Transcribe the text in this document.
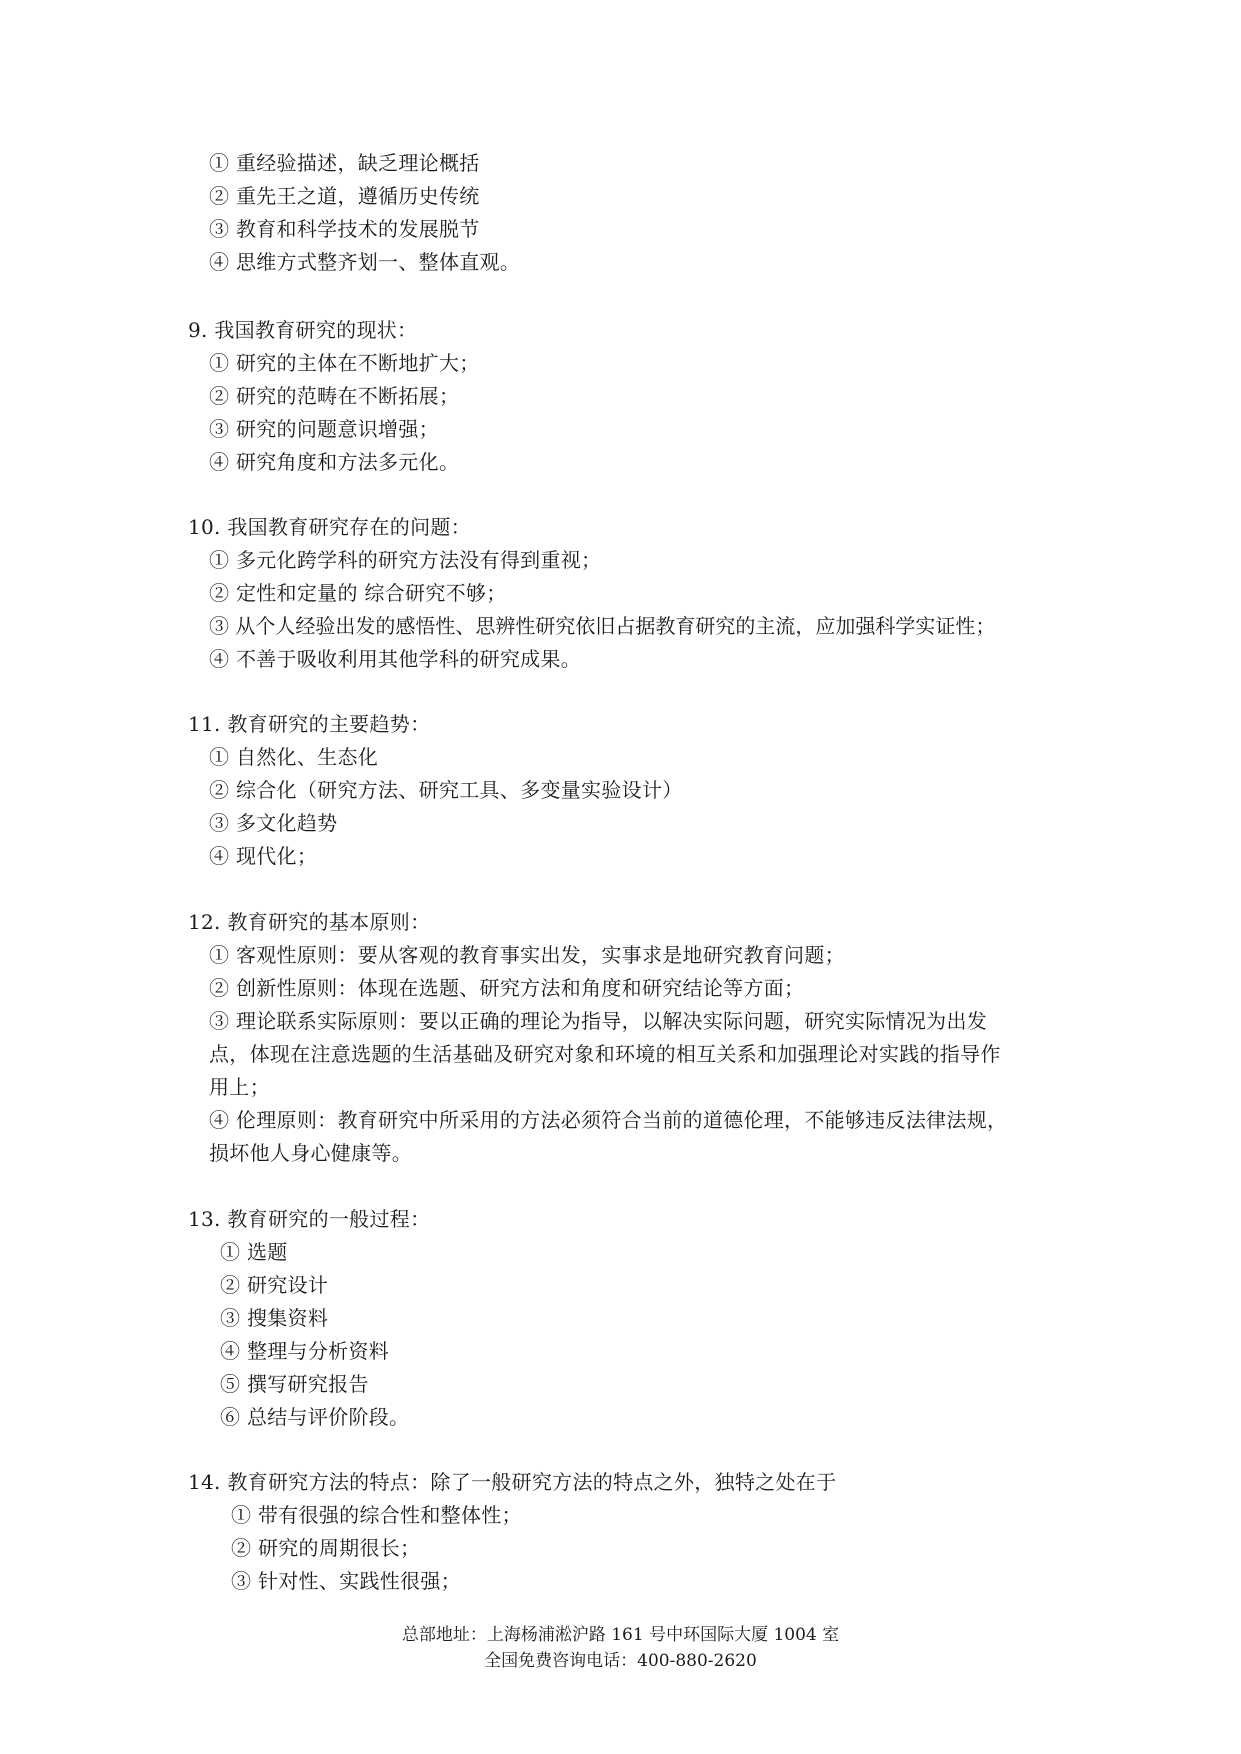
① 重经验描述，缺乏理论概括
② 重先王之道，遵循历史传统
③ 教育和科学技术的发展脱节
④ 思维方式整齐划一、整体直观。
9. 我国教育研究的现状：
① 研究的主体在不断地扩大；
② 研究的范畴在不断拓展；
③ 研究的问题意识增强；
④ 研究角度和方法多元化。
10. 我国教育研究存在的问题：
① 多元化跨学科的研究方法没有得到重视；
② 定性和定量的 综合研究不够；
③ 从个人经验出发的感悟性、思辨性研究依旧占据教育研究的主流，应加强科学实证性；
④ 不善于吸收利用其他学科的研究成果。
11. 教育研究的主要趋势：
① 自然化、生态化
② 综合化（研究方法、研究工具、多变量实验设计）
③ 多文化趋势
④ 现代化；
12. 教育研究的基本原则：
① 客观性原则：要从客观的教育事实出发，实事求是地研究教育问题；
② 创新性原则：体现在选题、研究方法和角度和研究结论等方面；
③ 理论联系实际原则：要以正确的理论为指导，以解决实际问题，研究实际情况为出发
点，体现在注意选题的生活基础及研究对象和环境的相互关系和加强理论对实践的指导作
用上；
④ 伦理原则：教育研究中所采用的方法必须符合当前的道德伦理，不能够违反法律法规，
损坏他人身心健康等。
13. 教育研究的一般过程：
① 选题
② 研究设计
③ 搜集资料
④ 整理与分析资料
⑤ 撰写研究报告
⑥ 总结与评价阶段。
14. 教育研究方法的特点：除了一般研究方法的特点之外，独特之处在于
① 带有很强的综合性和整体性；
② 研究的周期很长；
③ 针对性、实践性很强；
总部地址：上海杨浦淞沪路 161 号中环国际大厦 1004 室
全国免费咨询电话：400-880-2620
